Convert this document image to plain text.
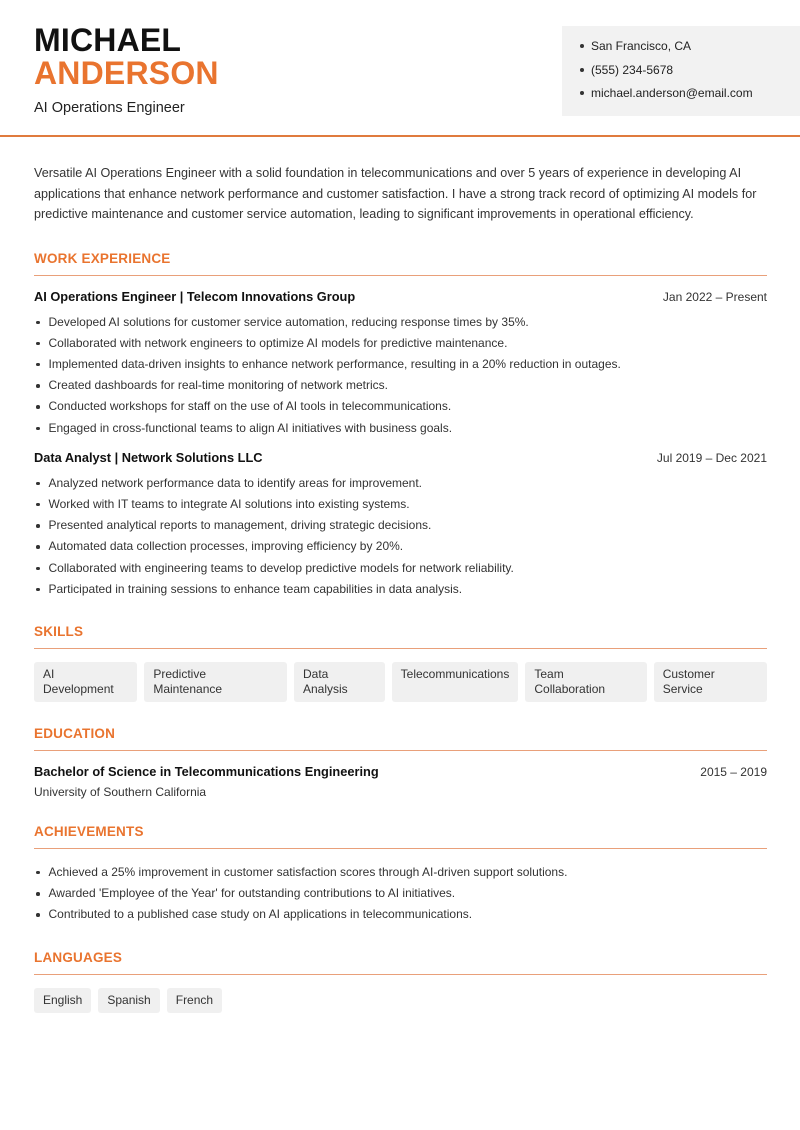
MICHAEL
ANDERSON
AI Operations Engineer
San Francisco, CA
(555) 234-5678
michael.anderson@email.com

Versatile AI Operations Engineer with a solid foundation in telecommunications and over 5 years of experience in developing AI applications that enhance network performance and customer satisfaction. I have a strong track record of optimizing AI models for predictive maintenance and customer service automation, leading to significant improvements in operational efficiency.

WORK EXPERIENCE
AI Operations Engineer | Telecom Innovations Group	Jan 2022 – Present
Developed AI solutions for customer service automation, reducing response times by 35%.
Collaborated with network engineers to optimize AI models for predictive maintenance.
Implemented data-driven insights to enhance network performance, resulting in a 20% reduction in outages.
Created dashboards for real-time monitoring of network metrics.
Conducted workshops for staff on the use of AI tools in telecommunications.
Engaged in cross-functional teams to align AI initiatives with business goals.
Data Analyst | Network Solutions LLC	Jul 2019 – Dec 2021
Analyzed network performance data to identify areas for improvement.
Worked with IT teams to integrate AI solutions into existing systems.
Presented analytical reports to management, driving strategic decisions.
Automated data collection processes, improving efficiency by 20%.
Collaborated with engineering teams to develop predictive models for network reliability.
Participated in training sessions to enhance team capabilities in data analysis.
SKILLS
AI Development
Predictive Maintenance
Data Analysis
Telecommunications	Team Collaboration
Customer Service
EDUCATION
Bachelor of Science in Telecommunications Engineering	2015 – 2019
University of Southern California
ACHIEVEMENTS
Achieved a 25% improvement in customer satisfaction scores through AI-driven support solutions.
Awarded 'Employee of the Year' for outstanding contributions to AI initiatives.
Contributed to a published case study on AI applications in telecommunications.
LANGUAGES
English	Spanish	French
